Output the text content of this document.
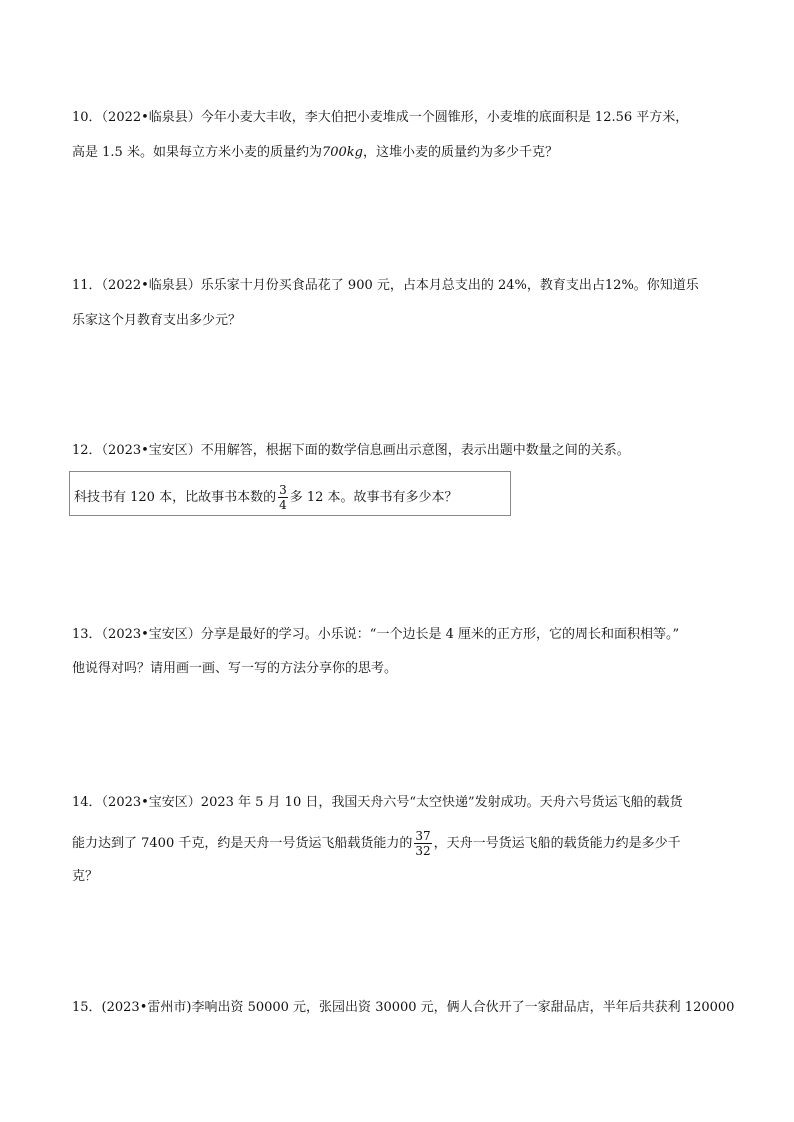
10．（2022•临泉县）今年小麦大丰收，李大伯把小麦堆成一个圆锥形，小麦堆的底面积是 12.56 平方米，
高是 1.5 米。如果每立方米小麦的质量约为700kg，这堆小麦的质量约为多少千克？
11．（2022•临泉县）乐乐家十月份买食品花了 900 元，占本月总支出的 24%，教育支出占12%。你知道乐
乐家这个月教育支出多少元？
12．（2023•宝安区）不用解答，根据下面的数学信息画出示意图，表示出题中数量之间的关系。
科技书有 120 本，比故事书本数的 $\frac{3}{4}$ 多 12 本。故事书有多少本？
13．（2023•宝安区）分享是最好的学习。小乐说：“一个边长是 4 厘米的正方形，它的周长和面积相等。”
他说得对吗？请用画一画、写一写的方法分享你的思考。
14．（2023•宝安区）2023 年 5 月 10 日，我国天舟六号“太空快递”发射成功。天舟六号货运飞船的载货
能力达到了 7400 千克，约是天舟一号货运飞船载货能力的 $\frac{37}{32}$ ，天舟一号货运飞船的载货能力约是多少千
克？
15．(2023•雷州市)李响出资 50000 元，张园出资 30000 元，俩人合伙开了一家甜品店，半年后共获利 120000
